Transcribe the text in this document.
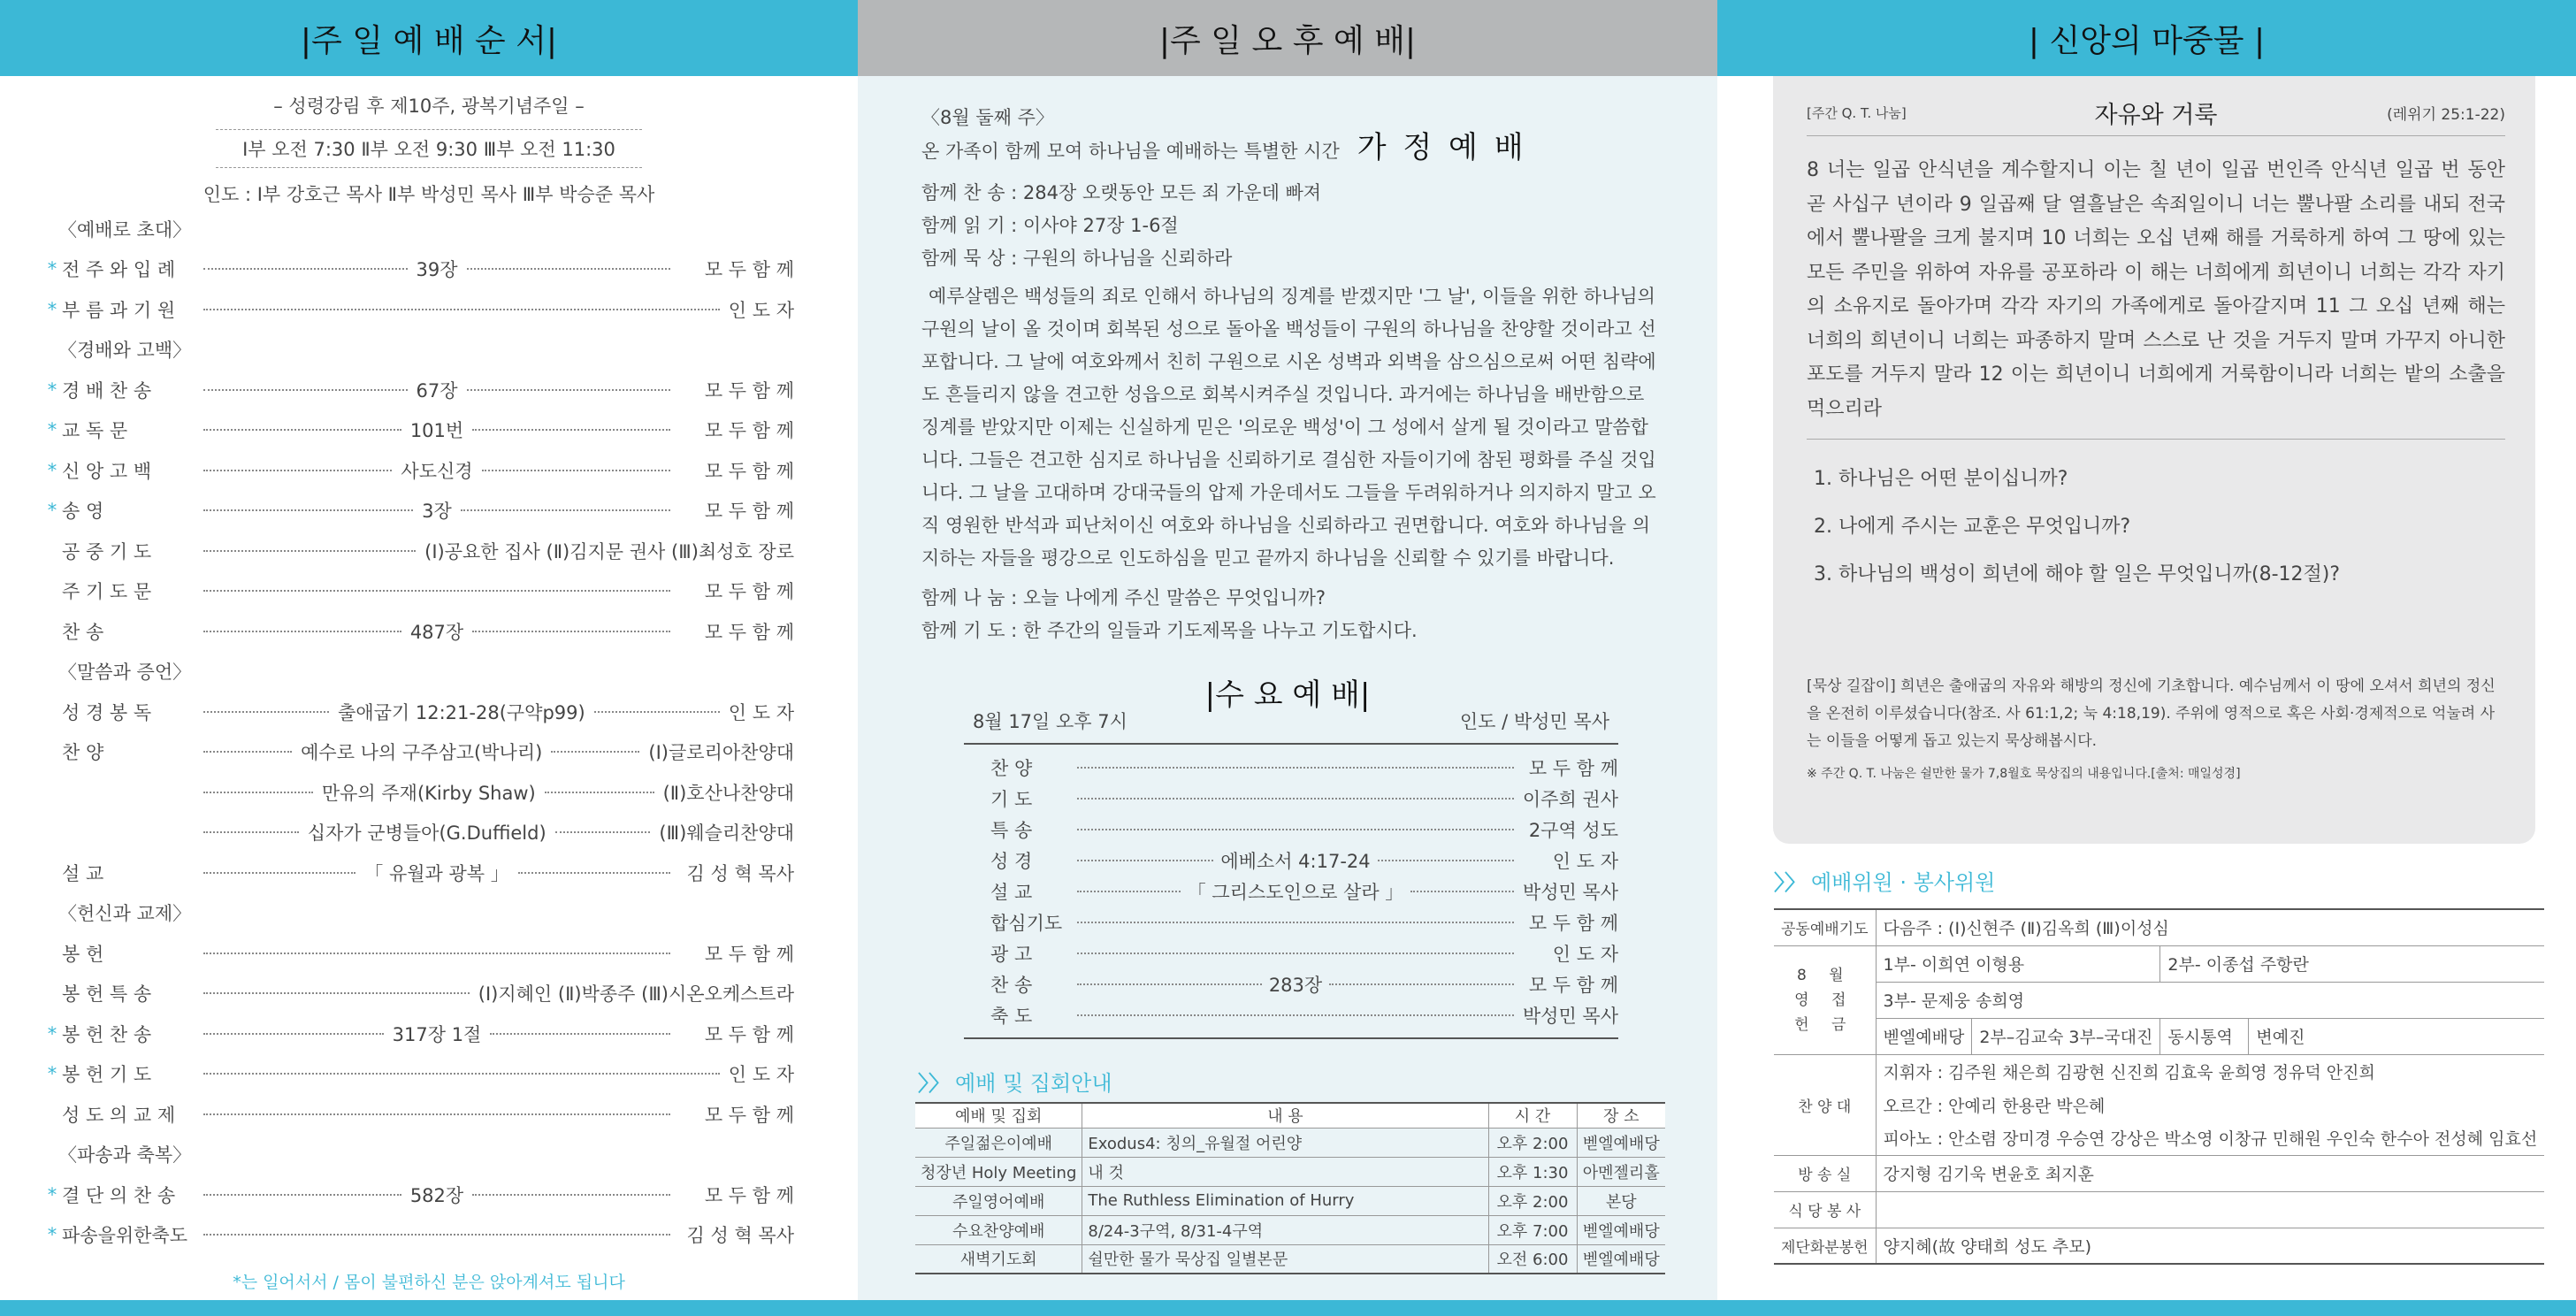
|주 일 예 배 순 서|
– 성령강림 후 제10주, 광복기념주일 –
Ⅰ부 오전 7:30 Ⅱ부 오전 9:30 Ⅲ부 오전 11:30
인도 : Ⅰ부 강호근 목사 Ⅱ부 박성민 목사 Ⅲ부 박승준 목사
〈예배로 초대〉
* 전 주 와 입 례	39장	모 두 함 께
* 부 름 과 기 원	인 도 자
〈경배와 고백〉
* 경 배 찬 송	67장	모 두 함 께
* 교 독 문	101번	모 두 함 께
* 신 앙 고 백	사도신경	모 두 함 께
* 송 영	3장	모 두 함 께
공 중 기 도	(Ⅰ)공요한 집사 (Ⅱ)김지문 권사 (Ⅲ)최성호 장로
주 기 도 문	모 두 함 께
찬 송	487장	모 두 함 께
〈말씀과 증언〉
성 경 봉 독	출애굽기 12:21-28(구약p99)	인 도 자
찬 양	예수로 나의 구주삼고(박나리)	(Ⅰ)글로리아찬양대
만유의 주재(Kirby Shaw)	(Ⅱ)호산나찬양대
십자가 군병들아(G.Duffield)	(Ⅲ)웨슬리찬양대
설 교	「 유월과 광복 」	김 성 혁 목사
〈헌신과 교제〉
봉 헌	모 두 함 께
봉 헌 특 송	(Ⅰ)지혜인 (Ⅱ)박종주 (Ⅲ)시온오케스트라
* 봉 헌 찬 송	317장 1절	모 두 함 께
* 봉 헌 기 도	인 도 자
성 도 의 교 제	모 두 함 께
〈파송과 축복〉
* 결 단 의 찬 송	582장	모 두 함 께
* 파송을위한축도	김 성 혁 목사
*는 일어서서 / 몸이 불편하신 분은 앉아계셔도 됩니다
|주 일 오 후 예 배|
〈8월 둘째 주〉
온 가족이 함께 모여 하나님을 예배하는 특별한 시간 가 정 예 배
함께 찬 송 : 284장 오랫동안 모든 죄 가운데 빠져
함께 읽 기 : 이사야 27장 1-6절
함께 묵 상 : 구원의 하나님을 신뢰하라
예루살렘은 백성들의 죄로 인해서 하나님의 징계를 받겠지만 '그 날', 이들을 위한 하나님의 구원의 날이 올 것이며 회복된 성으로 돌아올 백성들이 구원의 하나님을 찬양할 것이라고 선포합니다. 그 날에 여호와께서 친히 구원으로 시온 성벽과 외벽을 삼으심으로써 어떤 침략에도 흔들리지 않을 견고한 성읍으로 회복시켜주실 것입니다. 과거에는 하나님을 배반함으로 징계를 받았지만 이제는 신실하게 믿은 '의로운 백성'이 그 성에서 살게 될 것이라고 말씀합니다. 그들은 견고한 심지로 하나님을 신뢰하기로 결심한 자들이기에 참된 평화를 주실 것입니다. 그 날을 고대하며 강대국들의 압제 가운데서도 그들을 두려워하거나 의지하지 말고 오직 영원한 반석과 피난처이신 여호와 하나님을 신뢰하라고 권면합니다. 여호와 하나님을 의지하는 자들을 평강으로 인도하심을 믿고 끝까지 하나님을 신뢰할 수 있기를 바랍니다.
함께 나 눔 : 오늘 나에게 주신 말씀은 무엇입니까?
함께 기 도 : 한 주간의 일들과 기도제목을 나누고 기도합시다.
|수 요 예 배|
8월 17일 오후 7시	인도 / 박성민 목사
찬 양	모 두 함 께
기 도	이주희 권사
특 송	2구역 성도
성 경	에베소서 4:17-24	인 도 자
설 교	「 그리스도인으로 살라 」	박성민 목사
합심기도	모 두 함 께
광 고	인 도 자
찬 송	283장	모 두 함 께
축 도	박성민 목사
〉〉 예배 및 집회안내
예배 및 집회	내 용	시 간	장 소
주일젊은이예배	Exodus4: 칭의_유월절 어린양	오후 2:00	벧엘예배당
청장년 Holy Meeting	내 것	오후 1:30	아멘젤리홀
주일영어예배	The Ruthless Elimination of Hurry	오후 2:00	본당
수요찬양예배	8/24-3구역, 8/31-4구역	오후 7:00	벧엘예배당
새벽기도회	쉴만한 물가 묵상집 일별본문	오전 6:00	벧엘예배당
| 신앙의 마중물 |
[주간 Q. T. 나눔]	자유와 거룩	(레위기 25:1-22)
8 너는 일곱 안식년을 계수할지니 이는 칠 년이 일곱 번인즉 안식년 일곱 번 동안 곧 사십구 년이라 9 일곱째 달 열흘날은 속죄일이니 너는 뿔나팔 소리를 내되 전국에서 뿔나팔을 크게 불지며 10 너희는 오십 년째 해를 거룩하게 하여 그 땅에 있는 모든 주민을 위하여 자유를 공포하라 이 해는 너희에게 희년이니 너희는 각각 자기의 소유지로 돌아가며 각각 자기의 가족에게로 돌아갈지며 11 그 오십 년째 해는 너희의 희년이니 너희는 파종하지 말며 스스로 난 것을 거두지 말며 가꾸지 아니한 포도를 거두지 말라 12 이는 희년이니 너희에게 거룩함이니라 너희는 밭의 소출을 먹으리라
1. 하나님은 어떤 분이십니까?
2. 나에게 주시는 교훈은 무엇입니까?
3. 하나님의 백성이 희년에 해야 할 일은 무엇입니까(8-12절)?
[묵상 길잡이] 희년은 출애굽의 자유와 해방의 정신에 기초합니다. 예수님께서 이 땅에 오셔서 희년의 정신을 온전히 이루셨습니다(참조. 사 61:1,2; 눅 4:18,19). 주위에 영적으로 혹은 사회·경제적으로 억눌려 사는 이들을 어떻게 돕고 있는지 묵상해봅시다.
※ 주간 Q. T. 나눔은 쉴만한 물가 7,8월호 묵상집의 내용입니다.[출처: 매일성경]
〉〉 예배위원 · 봉사위원
공동예배기도	다음주 : (Ⅰ)신현주 (Ⅱ)김옥희 (Ⅲ)이성심			
8 월 영 접 헌 금	1부- 이희연 이형용		2부- 이종섭 주항란	
	3부- 문제웅 송희영			
	벧엘예배당	2부–김교숙 3부–국대진	동시통역	변예진
찬 양 대	지휘자 : 김주원 채은희 김광현 신진희 김효욱 윤희영 정유덕 안진희			
	오르간 : 안예리 한용란 박은혜			
	피아노 : 안소렴 장미경 우승연 강상은 박소영 이창규 민해원 우인숙 한수아 전성혜 임효선			
방 송 실	강지형 김기욱 변윤호 최지훈			
식 당 봉 사				
제단화분봉헌	양지혜(故 양태희 성도 추모)			
